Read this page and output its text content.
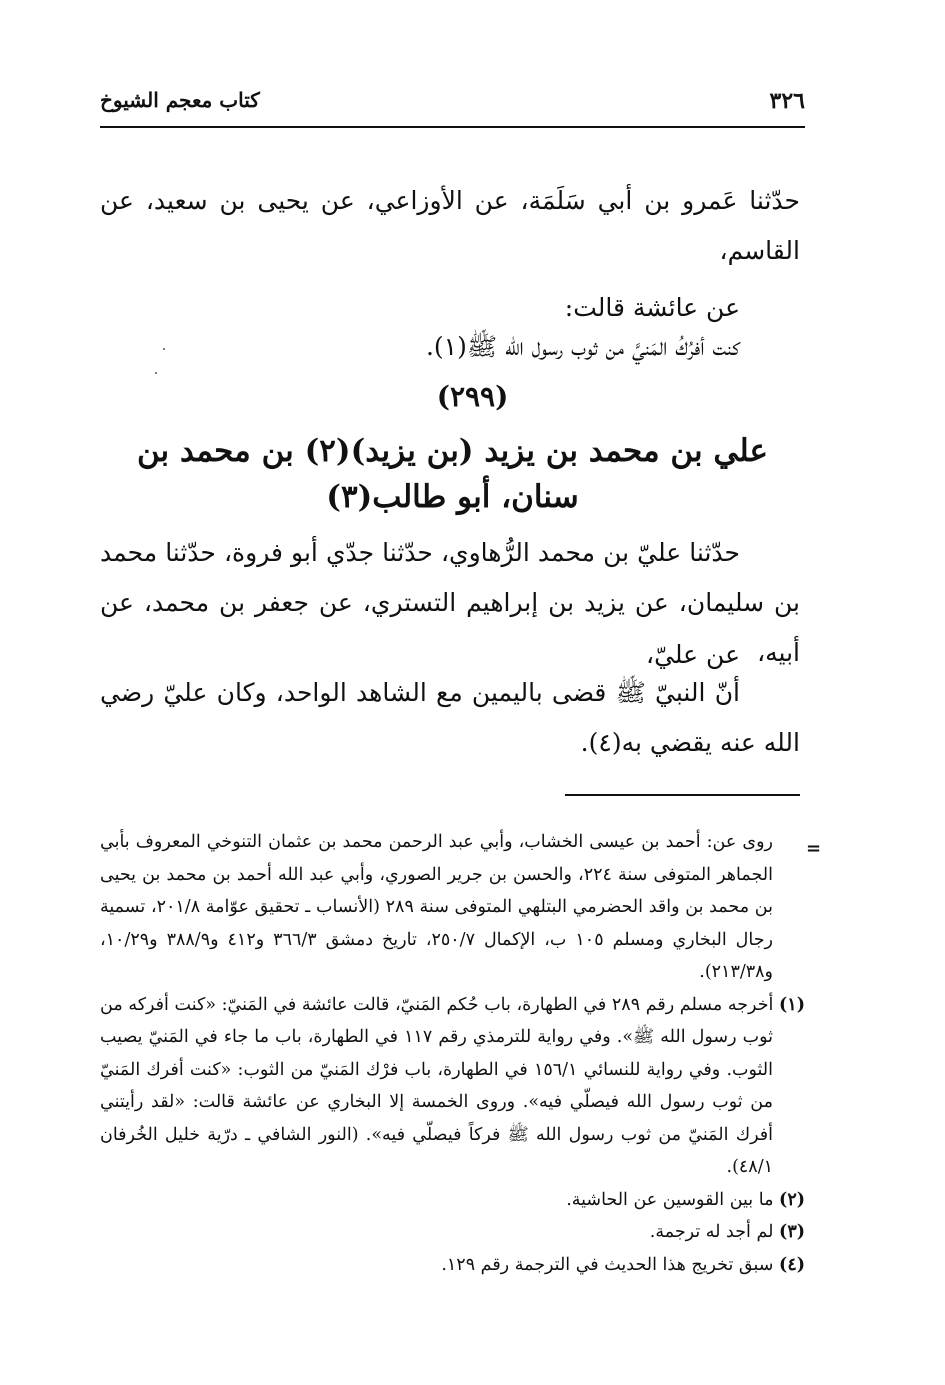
٣٢٦
كتاب معجم الشيوخ
حدّثنا عَمرو بن أبي سَلَمَة، عن الأوزاعي، عن يحيى بن سعيد، عن القاسم،
عن عائشة قالت:
كنت أفرُكُ المَنيَّ من ثوب رسول الله ﷺ(١).
(٢٩٩)
علي بن محمد بن يزيد (بن يزيد)(٢) بن محمد بن سنان، أبو طالب(٣)
حدّثنا عليّ بن محمد الرُّهاوي، حدّثنا جدّي أبو فروة، حدّثنا محمد بن سليمان، عن يزيد بن إبراهيم التستري، عن جعفر بن محمد، عن أبيه،
عن عليّ،
أنّ النبيّ ﷺ قضى باليمين مع الشاهد الواحد، وكان عليّ رضي الله عنه يقضي به(٤).
=

روى عن: أحمد بن عيسى الخشاب، وأبي عبد الرحمن محمد بن عثمان التنوخي المعروف بأبي الجماهر المتوفى سنة ٢٢٤، والحسن بن جرير الصوري، وأبي عبد الله أحمد بن محمد بن يحيى بن محمد بن واقد الحضرمي البتلهي المتوفى سنة ٢٨٩ (الأنساب ـ تحقيق عوّامة ٢٠١/٨، تسمية رجال البخاري ومسلم ١٠٥ ب، الإكمال ٢٥٠/٧، تاريخ دمشق ٣٦٦/٣ و٤١٢ و٣٨٨/٩ و١٠/٢٩، و٢١٣/٣٨).

(١) أخرجه مسلم رقم ٢٨٩ في الطهارة، باب حُكم المَنيّ، قالت عائشة في المَنيّ: «كنت أفركه من ثوب رسول الله ﷺ». وفي رواية للترمذي رقم ١١٧ في الطهارة، باب ما جاء في المَنيّ يصيب الثوب. وفي رواية للنسائي ١٥٦/١ في الطهارة، باب فرْك المَنيّ من الثوب: «كنت أفرك المَنيّ من ثوب رسول الله فيصلّي فيه». وروى الخمسة إلا البخاري عن عائشة قالت: «لقد رأيتني أفرك المَنيّ من ثوب رسول الله ﷺ فركاً فيصلّي فيه». (النور الشافي ـ درّية خليل الخُرفان ٤٨/١).

(٢) ما بين القوسين عن الحاشية.

(٣) لم أجد له ترجمة.

(٤) سبق تخريج هذا الحديث في الترجمة رقم ١٢٩.
